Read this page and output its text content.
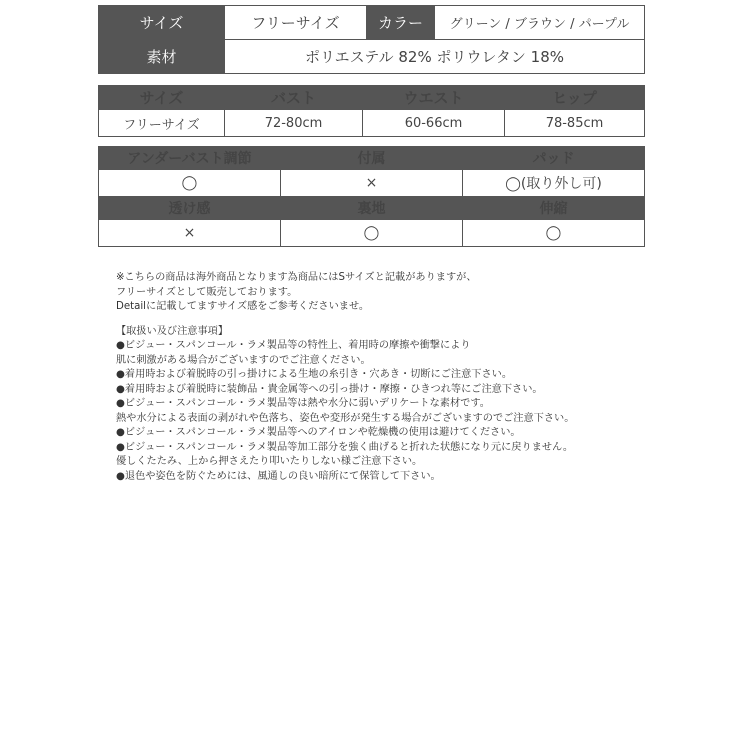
サイズ	フリーサイズ	カラー	グリーン / ブラウン / パープル
素材	ポリエステル 82% ポリウレタン 18%		
サイズ	バスト	ウエスト	ヒップ
フリーサイズ	72-80cm	60-66cm	78-85cm
アンダーバスト調節	付属	パッド
◯	×	◯(取り外し可)
透け感	裏地	伸縮
×	◯	◯
※こちらの商品は海外商品となります為商品にはSサイズと記載がありますが、
フリーサイズとして販売しております。
Detailに記載してますサイズ感をご参考くださいませ。
【取扱い及び注意事項】
●ビジュー・スパンコール・ラメ製品等の特性上、着用時の摩擦や衝撃により
肌に刺激がある場合がございますのでご注意ください。
●着用時および着脱時の引っ掛けによる生地の糸引き・穴あき・切断にご注意下さい。
●着用時および着脱時に装飾品・貴金属等への引っ掛け・摩擦・ひきつれ等にご注意下さい。
●ビジュー・スパンコール・ラメ製品等は熱や水分に弱いデリケートな素材です。
熱や水分による表面の剥がれや色落ち、姿色や変形が発生する場合がございますのでご注意下さい。
●ビジュー・スパンコール・ラメ製品等へのアイロンや乾燥機の使用は避けてください。
●ビジュー・スパンコール・ラメ製品等加工部分を強く曲げると折れた状態になり元に戻りません。
優しくたたみ、上から押さえたり叩いたりしない様ご注意下さい。
●退色や姿色を防ぐためには、風通しの良い暗所にて保管して下さい。
